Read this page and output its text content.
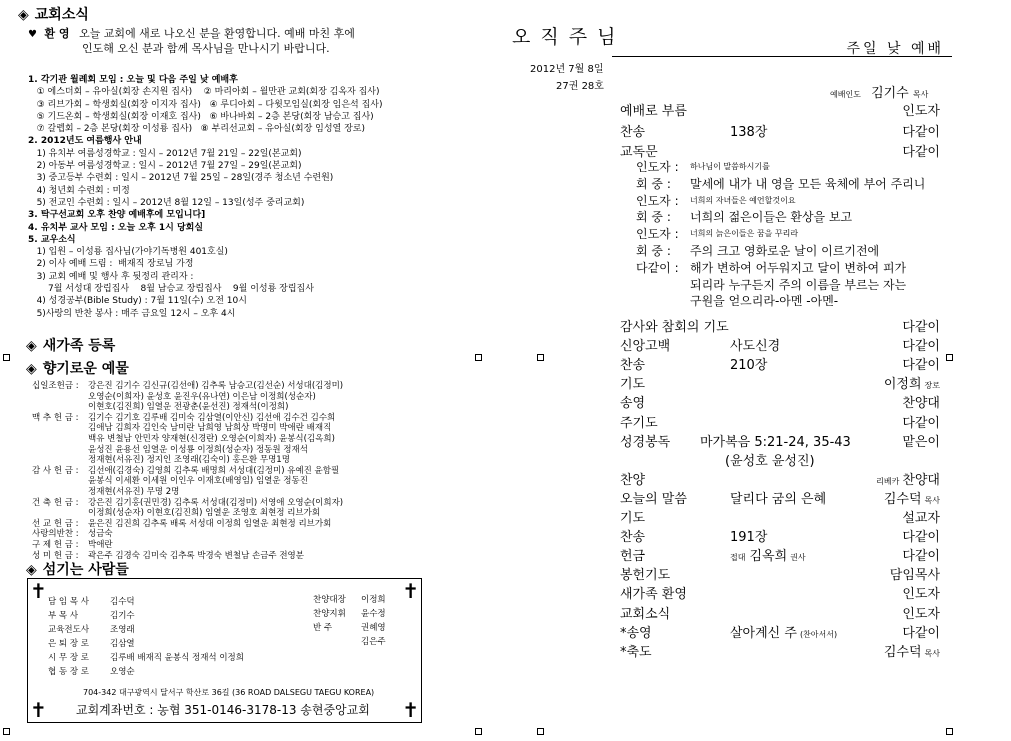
◈ 교회소식
♥ 환 영 오늘 교회에 새로 나오신 분을 환영합니다. 예배 마친 후에
인도해 오신 분과 함께 목사님을 만나시기 바랍니다.
1. 각기관 월례회 모임 : 오늘 및 다음 주일 낮 예배후
① 에스더회 – 유아실(회장 손지원 집사)    ② 마리아회 – 월만관 교회(회장 김옥자 집사)
③ 리브가회 – 학생회실(회장 이지자 집사)   ④ 루디아회 – 다윗모임실(회장 임은석 집사)
⑤ 기드온회 – 학생회실(회장 이재호 집사)   ⑥ 바나바회 – 2층 본당(회장 남승고 집사)
⑦ 갈렙회 – 2층 본당(회장 이성룡 집사)   ⑧ 부리선교회 – 유아실(회장 임성열 장로)
2. 2012년도 여름행사 안내
1) 유치부 여름성경학교 : 일시 – 2012년 7월 21일 – 22일(본교회)
2) 아동부 여름성경학교 : 일시 – 2012년 7월 27일 – 29일(본교회)
3) 중고등부 수련회 : 일시 – 2012년 7월 25일 – 28일(경주 청소년 수련원)
4) 청년회 수련회 : 미정
5) 전교인 수련회 : 일시 – 2012년 8월 12일 – 13일(성주 중리교회)
3. 탁구선교회 오후 찬양 예배후에 모입니다]
4. 유치부 교사 모임 : 오늘 오후 1시 당회실
5. 교우소식
1) 입원 – 이성룡 집사님(가야기독병원 401호실)
2) 이사 예배 드림 :  배재직 장로님 가정
3) 교회 예배 및 행사 후 뒷정리 관리자 :
7월 서성대 장립집사    8월 남승교 장립집사    9월 이성룡 장립집사
4) 성경공부(Bible Study) : 7월 11일(수) 오전 10시
5)사랑의 반찬 봉사 : 매주 금요일 12시 – 오후 4시
◈ 새가족 등록
◈ 향기로운 예물
십일조헌금 : 강은진 김기수 김신규(김선애) 김추록 남승고(김선순) 서성대(김정미)
오영순(이희자) 윤성호 윤진우(유나연) 이은남 이정희(성순자)
이현호(김진희) 임열운 전광춘(윤선진) 정재석(이정희)
맥 추 헌 금 : 김기수 김기호 김루배 김미숙 김삼열(이안신) 김선애 김수건 김수희
김애남 김희자 김인숙 남미란 남희영 남희상 박명미 박애란 배재직
백유 변철남 안민자 양재현(신경란) 오영순(이희자) 윤봉식(김옥희)
윤성진 윤용선 임열운 이성룡 이정희(성순자) 정동원 정재석
정재현(서유진) 정지인 조영래(김숙이) 홍은환 무명1명
감 사 헌 금 : 김선애(김경숙) 김영희 김추록 배명희 서성대(김정미) 유예진 윤함필
윤봉식 이세환 이세원 이인우 이재호(배영임) 임열운 정동진
정재현(서유진) 무명 2명
건 축 헌 금 : 강은진 김기홍(권민경) 김추록 서성대(김정미) 서영애 오영순(이희자)
이정희(성순자) 이현호(김진희) 임열운 조영호 최현정 리브가회
선 교 헌 금 : 윤은진 김진희 김추록 배록 서성대 이정희 임열운 최현정 리브가회
사랑의반찬 : 성금숙
구 제 헌 금 : 박애란
성 미 헌 금 : 곽은주 김경숙 김미숙 김추록 박경숙 변철남 손금주 전영분
◈ 섬기는 사람들
✝	✝
✝	✝
담 임 목 사 김수덕
부 목 사	김기수
교육전도사 조영래
은 퇴 장 로 김삼열
시 무 장 로 김루배 배재직 윤봉식 정재석 이정희
협 동 장 로 오영순
찬양대장 이정희
찬양지휘 윤수정
반 주	권혜영
김은주
704-342 대구광역시 달서구 학산로 36길 (36 ROAD DALSEGU TAEGU KOREA)
교회계좌번호 : 농협 351-0146-3178-13 송현중앙교회
오 직 주 님
2012년 7월 8일
27권 28호
주일 낮 예배
예배인도 김기수 목사
예배로 부름	인도자
찬송	138장	다같이
교독문	다같이
인도자 : 하나님이 말씀하시기를
회 중 : 말세에 내가 내 영을 모든 육체에 부어 주리니
인도자 : 너희의 자녀들은 예언할것이요
회 중 : 너희의 젊은이들은 환상을 보고
인도자 : 너희의 늙은이들은 꿈을 꾸리라
회 중 : 주의 크고 영화로운 날이 이르기전에
다같이 : 해가 변하여 어두워지고 달이 변하여 피가
되리라 누구든지 주의 이름을 부르는 자는
구원을 얻으리라-아멘 -아멘-
감사와 참회의 기도	다같이
신앙고백	사도신경	다같이
찬송	210장	다같이
기도	이정희 장로
송영	찬양대
주기도	다같이
성경봉독 마가복음 5:21-24, 35-43	맡은이
(윤성호 윤성진)
찬양	리베카 찬양대
오늘의 말씀	달리다 굼의 은혜	김수덕 목사
기도	설교자
찬송	191장	다같이
헌금	접대 김옥희 권사	다같이
봉헌기도	담임목사
새가족 환영	인도자
교회소식	인도자
*송영	살아계신 주 (찬아서서)	다같이
*축도	김수덕 목사
